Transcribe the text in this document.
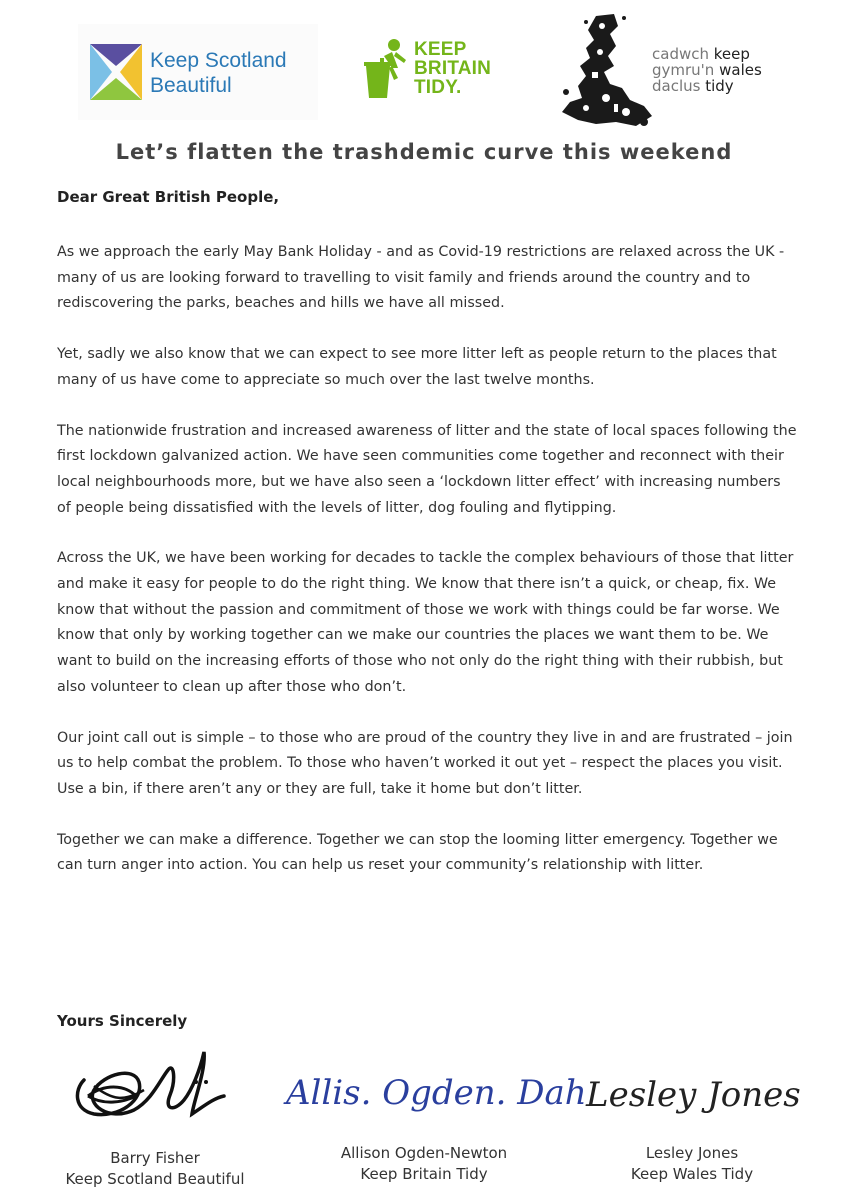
Keep Scotland
Beautiful
KEEP
BRITAIN
TIDY.
cadwch keep
gymru'n wales
daclus tidy
Let’s flatten the trashdemic curve this weekend

Dear Great British People,

As we approach the early May Bank Holiday - and as Covid-19 restrictions are relaxed across the UK - many of us are looking forward to travelling to visit family and friends around the country and to rediscovering the parks, beaches and hills we have all missed.

Yet, sadly we also know that we can expect to see more litter left as people return to the places that many of us have come to appreciate so much over the last twelve months.

The nationwide frustration and increased awareness of litter and the state of local spaces following the first lockdown galvanized action. We have seen communities come together and reconnect with their local neighbourhoods more, but we have also seen a ‘lockdown litter effect’ with increasing numbers of people being dissatisfied with the levels of litter, dog fouling and flytipping.

Across the UK, we have been working for decades to tackle the complex behaviours of those that litter and make it easy for people to do the right thing. We know that there isn’t a quick, or cheap, fix. We know that without the passion and commitment of those we work with things could be far worse. We know that only by working together can we make our countries the places we want them to be. We want to build on the increasing efforts of those who not only do the right thing with their rubbish, but also volunteer to clean up after those who don’t.

Our joint call out is simple – to those who are proud of the country they live in and are frustrated – join us to help combat the problem. To those who haven’t worked it out yet – respect the places you visit. Use a bin, if there aren’t any or they are full, take it home but don’t litter.

Together we can make a difference. Together we can stop the looming litter emergency. Together we can turn anger into action. You can help us reset your community’s relationship with litter.

Yours Sincerely

Allis. Ogden. Dah Lesley Jones
Barry Fisher
Keep Scotland Beautiful
Allison Ogden-Newton
Keep Britain Tidy
Lesley Jones
Keep Wales Tidy
